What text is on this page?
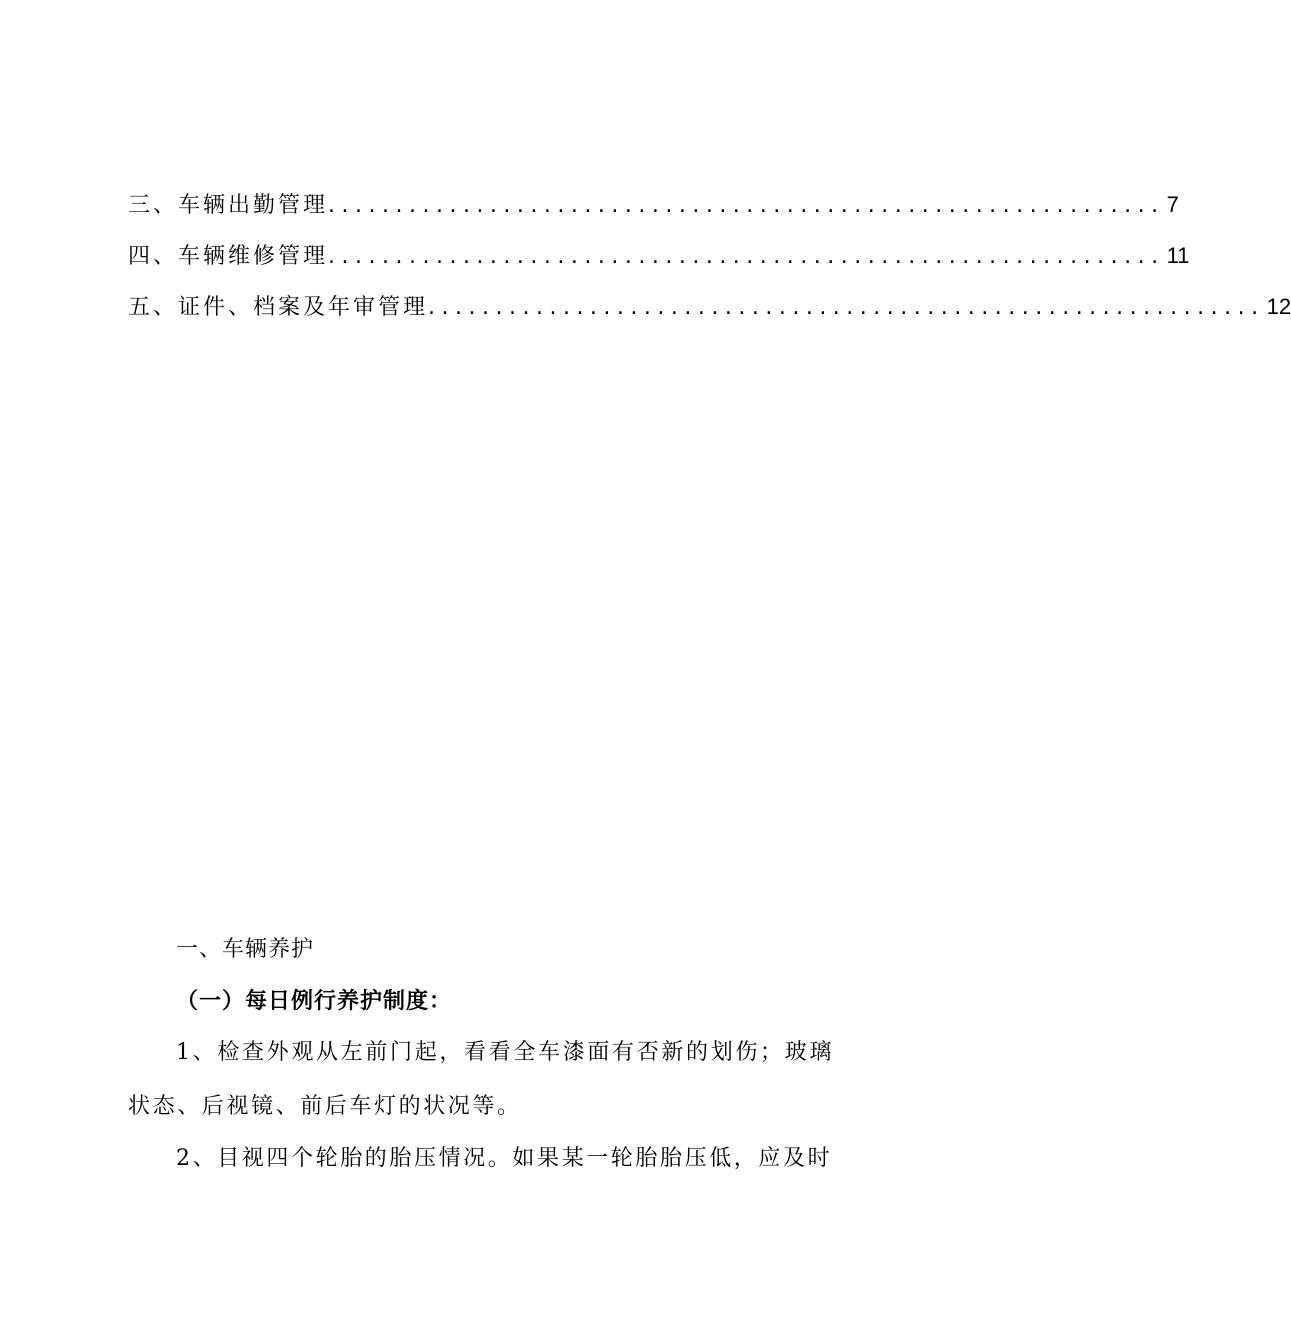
三、车辆出勤管理 .............................................................. 7
四、车辆维修管理 .............................................................. 11
五、证件、档案及年审管理 .............................................................. 12
一、车辆养护
（一）每日例行养护制度：

1、检查外观从左前门起，看看全车漆面有否新的划伤；玻璃状态、后视镜、前后车灯的状况等。

2、目视四个轮胎的胎压情况。如果某一轮胎胎压低，应及时
